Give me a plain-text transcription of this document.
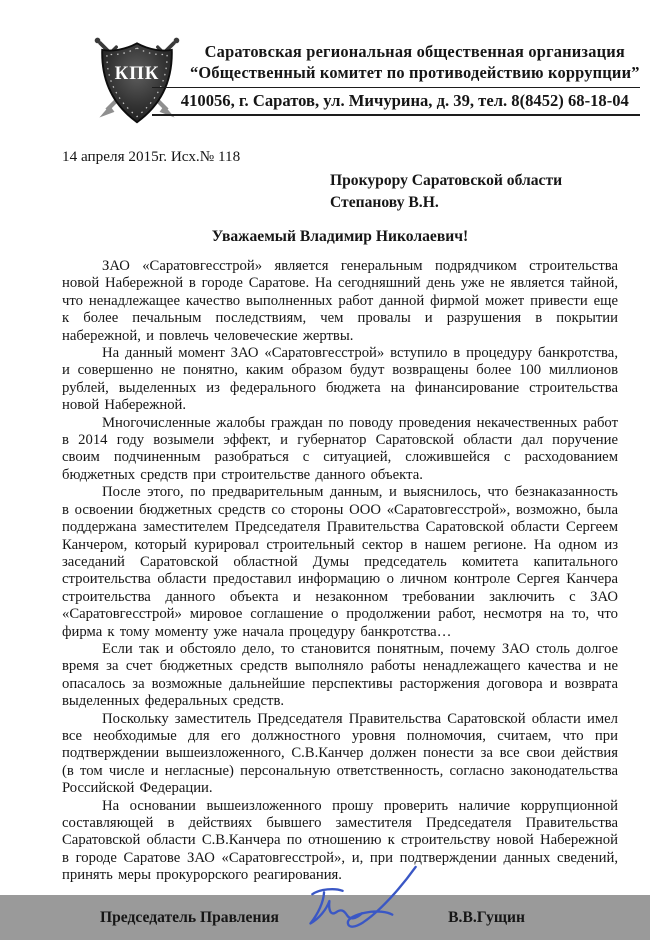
КПК
Саратовская региональная общественная организация
“Общественный комитет по противодействию коррупции”
410056, г. Саратов, ул. Мичурина, д. 39, тел. 8(8452) 68-18-04
14 апреля 2015г. Исх.№ 118
Прокурору Саратовской области
Степанову В.Н.
Уважаемый Владимир Николаевич!

ЗАО «Саратовгесстрой» является генеральным подрядчиком строительства новой Набережной в городе Саратове. На сегодняшний день уже не является тайной, что ненадлежащее качество выполненных работ данной фирмой может привести еще к более печальным последствиям, чем провалы и разрушения в покрытии набережной, и повлечь человеческие жертвы.

На данный момент ЗАО «Саратовгесстрой» вступило в процедуру банкротства, и совершенно не понятно, каким образом будут возвращены более 100 миллионов рублей, выделенных из федерального бюджета на финансирование строительства новой Набережной.

Многочисленные жалобы граждан по поводу проведения некачественных работ в 2014 году возымели эффект, и губернатор Саратовской области дал поручение своим подчиненным разобраться с ситуацией, сложившейся с расходованием бюджетных средств при строительстве данного объекта.

После этого, по предварительным данным, и выяснилось, что безнаказанность в освоении бюджетных средств со стороны ООО «Саратовгесстрой», возможно, была поддержана заместителем Председателя Правительства Саратовской области Сергеем Канчером, который курировал строительный сектор в нашем регионе. На одном из заседаний Саратовской областной Думы председатель комитета капитального строительства области предоставил информацию о личном контроле Сергея Канчера строительства данного объекта и незаконном требовании заключить с ЗАО «Саратовгесстрой» мировое соглашение о продолжении работ, несмотря на то, что фирма к тому моменту уже начала процедуру банкротства…

Если так и обстояло дело, то становится понятным, почему ЗАО столь долгое время за счет бюджетных средств выполняло работы ненадлежащего качества и не опасалось за возможные дальнейшие перспективы расторжения договора и возврата выделенных федеральных средств.

Поскольку заместитель Председателя Правительства Саратовской области имел все необходимые для его должностного уровня полномочия, считаем, что при подтверждении вышеизложенного, С.В.Канчер должен понести за все свои действия (в том числе и негласные) персональную ответственность, согласно законодательства Российской Федерации.

На основании вышеизложенного прошу проверить наличие коррупционной составляющей в действиях бывшего заместителя Председателя Правительства Саратовской области С.В.Канчера по отношению к строительству новой Набережной в городе Саратове ЗАО «Саратовгесстрой», и, при подтверждении данных сведений, принять меры прокурорского реагирования.

Председатель Правления	В.В.Гущин
